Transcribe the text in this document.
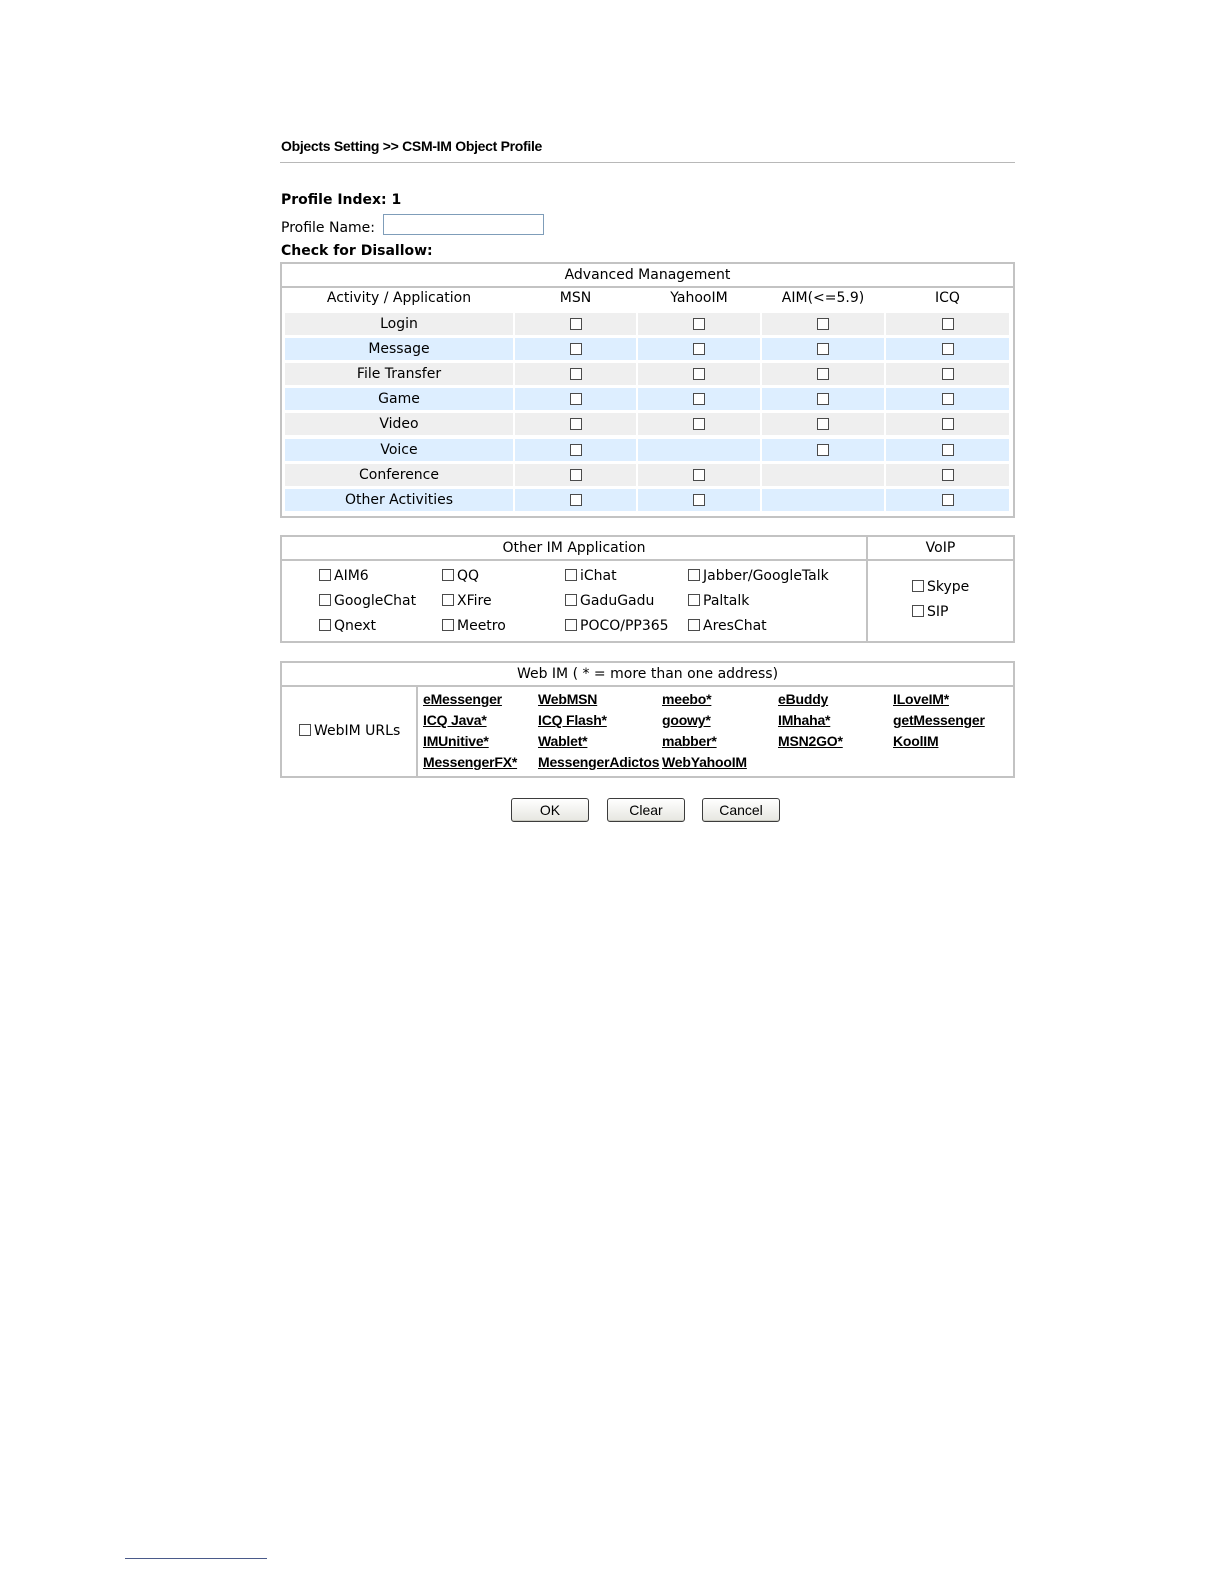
Objects Setting >> CSM-IM Object Profile
Profile Index: 1
Profile Name:
Check for Disallow:
Advanced Management
Activity / Application	MSN	YahooIM	AIM(<=5.9)	ICQ
Login
Message
File Transfer
Game
Video
Voice
Conference
Other Activities
Other IM Application	VoIP
AIM6	QQ	iChat	Jabber/GoogleTalk
GoogleChat	XFire	GaduGadu	Paltalk
Qnext	Meetro	POCO/PP365	AresChat
Skype
SIP
Web IM ( * = more than one address)
WebIM URLs
eMessenger	WebMSN	meebo*	eBuddy	ILoveIM*
ICQ Java*	ICQ Flash*	goowy*	IMhaha*	getMessenger
IMUnitive*	Wablet*	mabber*	MSN2GO*	KoolIM
MessengerFX* MessengerAdictos WebYahooIM
OK	Clear	Cancel
